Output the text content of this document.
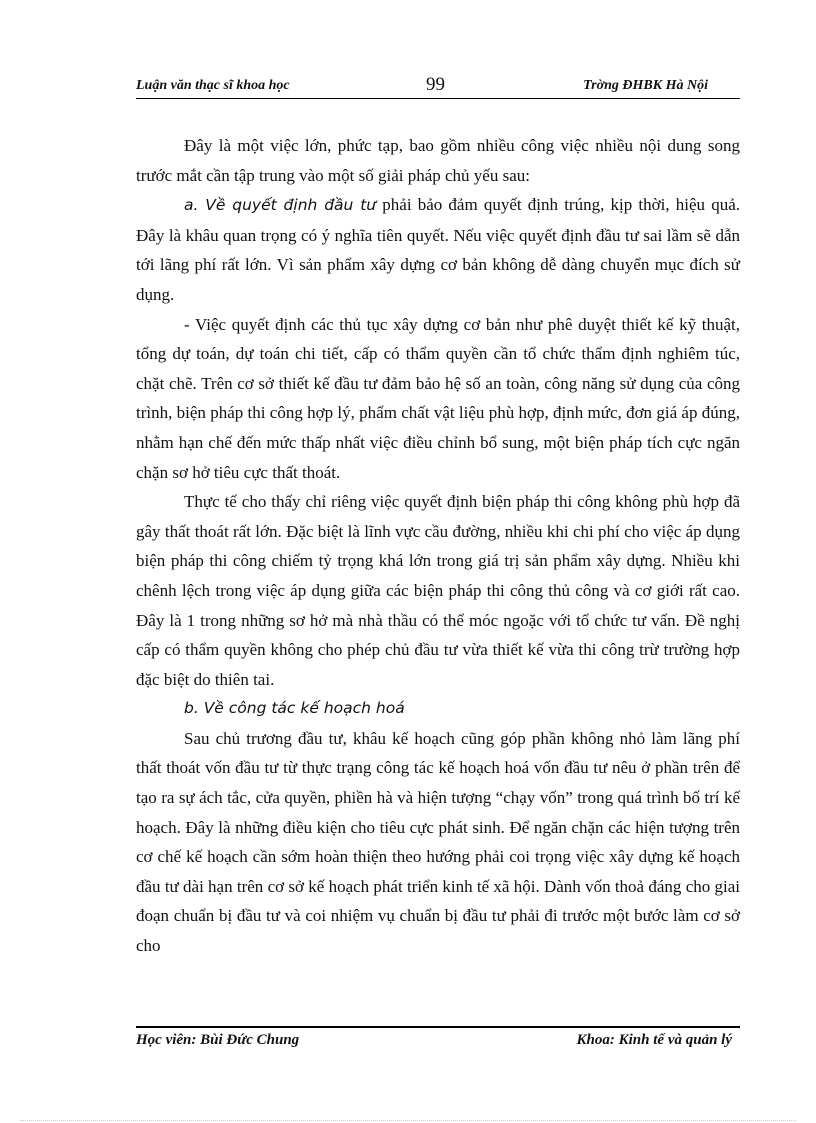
Luận văn thạc sĩ khoa học	99	Trờng ĐHBK Hà Nội

Đây là một việc lớn, phức tạp, bao gồm nhiều công việc nhiều nội dung song trước mắt cần tập trung vào một số giải pháp chủ yếu sau:

a. Về quyết định đầu tư phải bảo đảm quyết định trúng, kịp thời, hiệu quả. Đây là khâu quan trọng có ý nghĩa tiên quyết. Nếu việc quyết định đầu tư sai lầm sẽ dẫn tới lãng phí rất lớn. Vì sản phẩm xây dựng cơ bản không dễ dàng chuyển mục đích sử dụng.

- Việc quyết định các thủ tục xây dựng cơ bản như phê duyệt thiết kế kỹ thuật, tổng dự toán, dự toán chi tiết, cấp có thẩm quyền cần tổ chức thẩm định nghiêm túc, chặt chẽ. Trên cơ sở thiết kế đầu tư đảm bảo hệ số an toàn, công năng sử dụng của công trình, biện pháp thi công hợp lý, phẩm chất vật liệu phù hợp, định mức, đơn giá áp đúng, nhằm hạn chế đến mức thấp nhất việc điều chỉnh bổ sung, một biện pháp tích cực ngăn chặn sơ hở tiêu cực thất thoát.

Thực tế cho thấy chỉ riêng việc quyết định biện pháp thi công không phù hợp đã gây thất thoát rất lớn. Đặc biệt là lĩnh vực cầu đường, nhiều khi chi phí cho việc áp dụng biện pháp thi công chiếm tỷ trọng khá lớn trong giá trị sản phẩm xây dựng. Nhiều khi chênh lệch trong việc áp dụng giữa các biện pháp thi công thủ công và cơ giới rất cao. Đây là 1 trong những sơ hở mà nhà thầu có thể móc ngoặc với tổ chức tư vấn. Đề nghị cấp có thẩm quyền không cho phép chủ đầu tư vừa thiết kế vừa thi công trừ trường hợp đặc biệt do thiên tai.

b. Về công tác kế hoạch hoá

Sau chủ trương đầu tư, khâu kế hoạch cũng góp phần không nhỏ làm lãng phí thất thoát vốn đầu tư từ thực trạng công tác kế hoạch hoá vốn đầu tư nêu ở phần trên để tạo ra sự ách tắc, cửa quyền, phiền hà và hiện tượng “chạy vốn” trong quá trình bố trí kế hoạch. Đây là những điều kiện cho tiêu cực phát sinh. Để ngăn chặn các hiện tượng trên cơ chế kế hoạch cần sớm hoàn thiện theo hướng phải coi trọng việc xây dựng kế hoạch đầu tư dài hạn trên cơ sở kế hoạch phát triển kinh tế xã hội. Dành vốn thoả đáng cho giai đoạn chuẩn bị đầu tư và coi nhiệm vụ chuẩn bị đầu tư phải đi trước một bước làm cơ sở cho

Học viên: Bùi Đức Chung	Khoa: Kinh tế và quản lý
